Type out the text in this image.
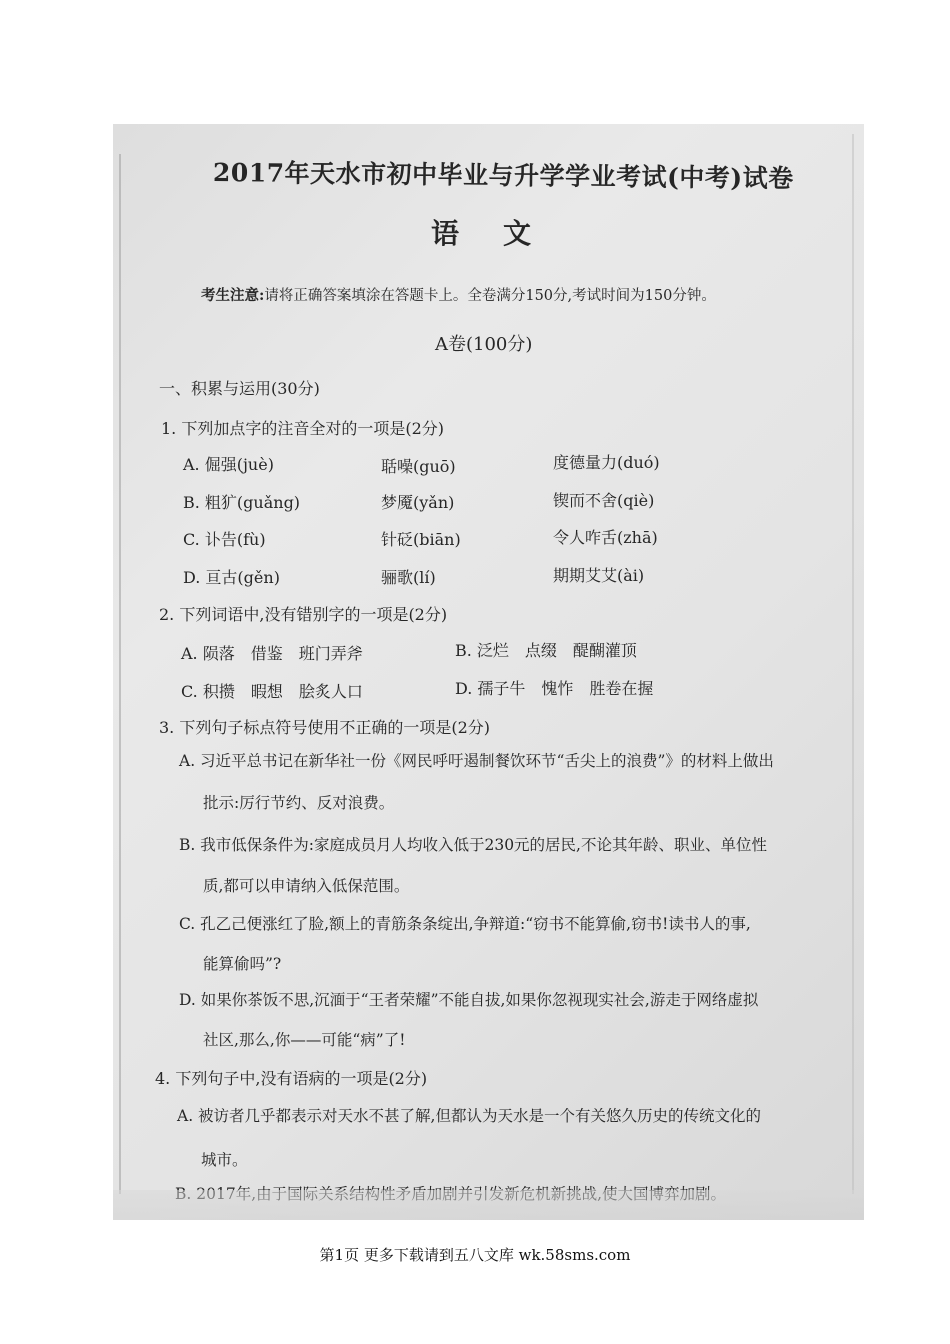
2017年天水市初中毕业与升学学业考试(中考)试卷
语文
考生注意:请将正确答案填涂在答题卡上。全卷满分150分,考试时间为150分钟。
A卷(100分)
一、积累与运用(30分)
1. 下列加点字的注音全对的一项是(2分)
A. 倔强(juè)	聒噪(guō)	度德量力(duó)
B. 粗犷(guǎng)	梦魇(yǎn)	锲而不舍(qiè)
C. 讣告(fù)	针砭(biān)	令人咋舌(zhā)
D. 亘古(gěn)	骊歌(lí)	期期艾艾(ài)
2. 下列词语中,没有错别字的一项是(2分)
A. 陨落　借鉴　班门弄斧	B. 泛烂　点缀　醍醐灌顶
C. 积攒　暇想　脍炙人口	D. 孺子牛　愧怍　胜卷在握
3. 下列句子标点符号使用不正确的一项是(2分)
A. 习近平总书记在新华社一份《网民呼吁遏制餐饮环节“舌尖上的浪费”》的材料上做出
批示:厉行节约、反对浪费。
B. 我市低保条件为:家庭成员月人均收入低于230元的居民,不论其年龄、职业、单位性
质,都可以申请纳入低保范围。
C. 孔乙己便涨红了脸,额上的青筋条条绽出,争辩道:“窃书不能算偷,窃书!读书人的事,
能算偷吗”?
D. 如果你茶饭不思,沉湎于“王者荣耀”不能自拔,如果你忽视现实社会,游走于网络虚拟
社区,那么,你——可能“病”了!
4. 下列句子中,没有语病的一项是(2分)
A. 被访者几乎都表示对天水不甚了解,但都认为天水是一个有关悠久历史的传统文化的
城市。
第1页 更多下载请到五八文库 wk.58sms.com
